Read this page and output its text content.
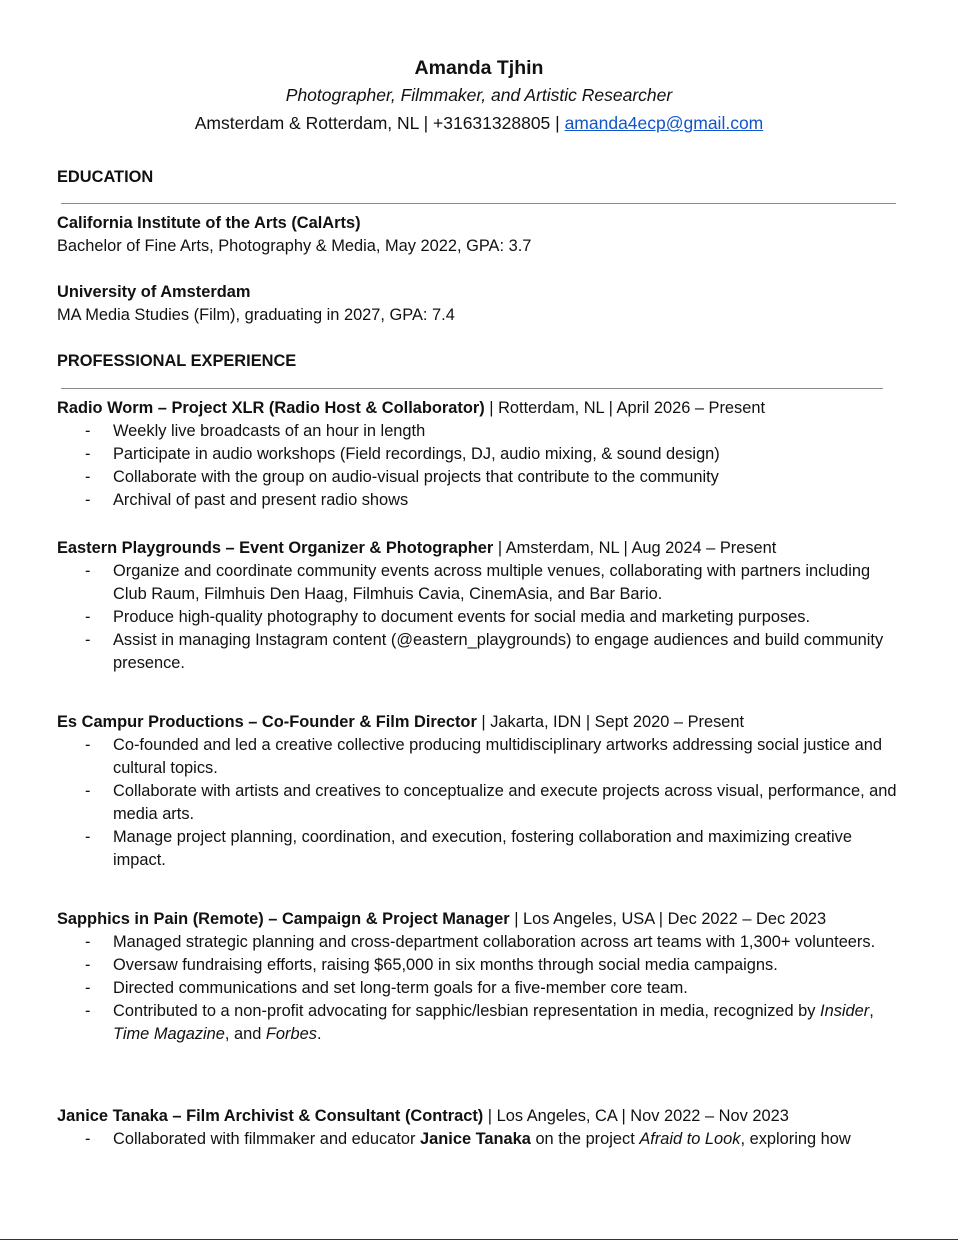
Amanda Tjhin
Photographer, Filmmaker, and Artistic Researcher
Amsterdam & Rotterdam, NL | +31631328805 | amanda4ecp@gmail.com
EDUCATION
California Institute of the Arts (CalArts)
Bachelor of Fine Arts, Photography & Media, May 2022, GPA: 3.7
University of Amsterdam
MA Media Studies (Film), graduating in 2027, GPA: 7.4
PROFESSIONAL EXPERIENCE
Radio Worm – Project XLR (Radio Host & Collaborator) | Rotterdam, NL | April 2026 – Present
- Weekly live broadcasts of an hour in length
- Participate in audio workshops (Field recordings, DJ, audio mixing, & sound design)
- Collaborate with the group on audio-visual projects that contribute to the community
- Archival of past and present radio shows
Eastern Playgrounds – Event Organizer & Photographer | Amsterdam, NL | Aug 2024 – Present
- Organize and coordinate community events across multiple venues, collaborating with partners including Club Raum, Filmhuis Den Haag, Filmhuis Cavia, CinemAsia, and Bar Bario.
- Produce high-quality photography to document events for social media and marketing purposes.
- Assist in managing Instagram content (@eastern_playgrounds) to engage audiences and build community presence.
Es Campur Productions – Co-Founder & Film Director | Jakarta, IDN | Sept 2020 – Present
- Co-founded and led a creative collective producing multidisciplinary artworks addressing social justice and cultural topics.
- Collaborate with artists and creatives to conceptualize and execute projects across visual, performance, and media arts.
- Manage project planning, coordination, and execution, fostering collaboration and maximizing creative impact.
Sapphics in Pain (Remote) – Campaign & Project Manager | Los Angeles, USA | Dec 2022 – Dec 2023
- Managed strategic planning and cross-department collaboration across art teams with 1,300+ volunteers.
- Oversaw fundraising efforts, raising $65,000 in six months through social media campaigns.
- Directed communications and set long-term goals for a five-member core team.
- Contributed to a non-profit advocating for sapphic/lesbian representation in media, recognized by Insider, Time Magazine, and Forbes.
Janice Tanaka – Film Archivist & Consultant (Contract) | Los Angeles, CA | Nov 2022 – Nov 2023
- Collaborated with filmmaker and educator Janice Tanaka on the project Afraid to Look, exploring how
